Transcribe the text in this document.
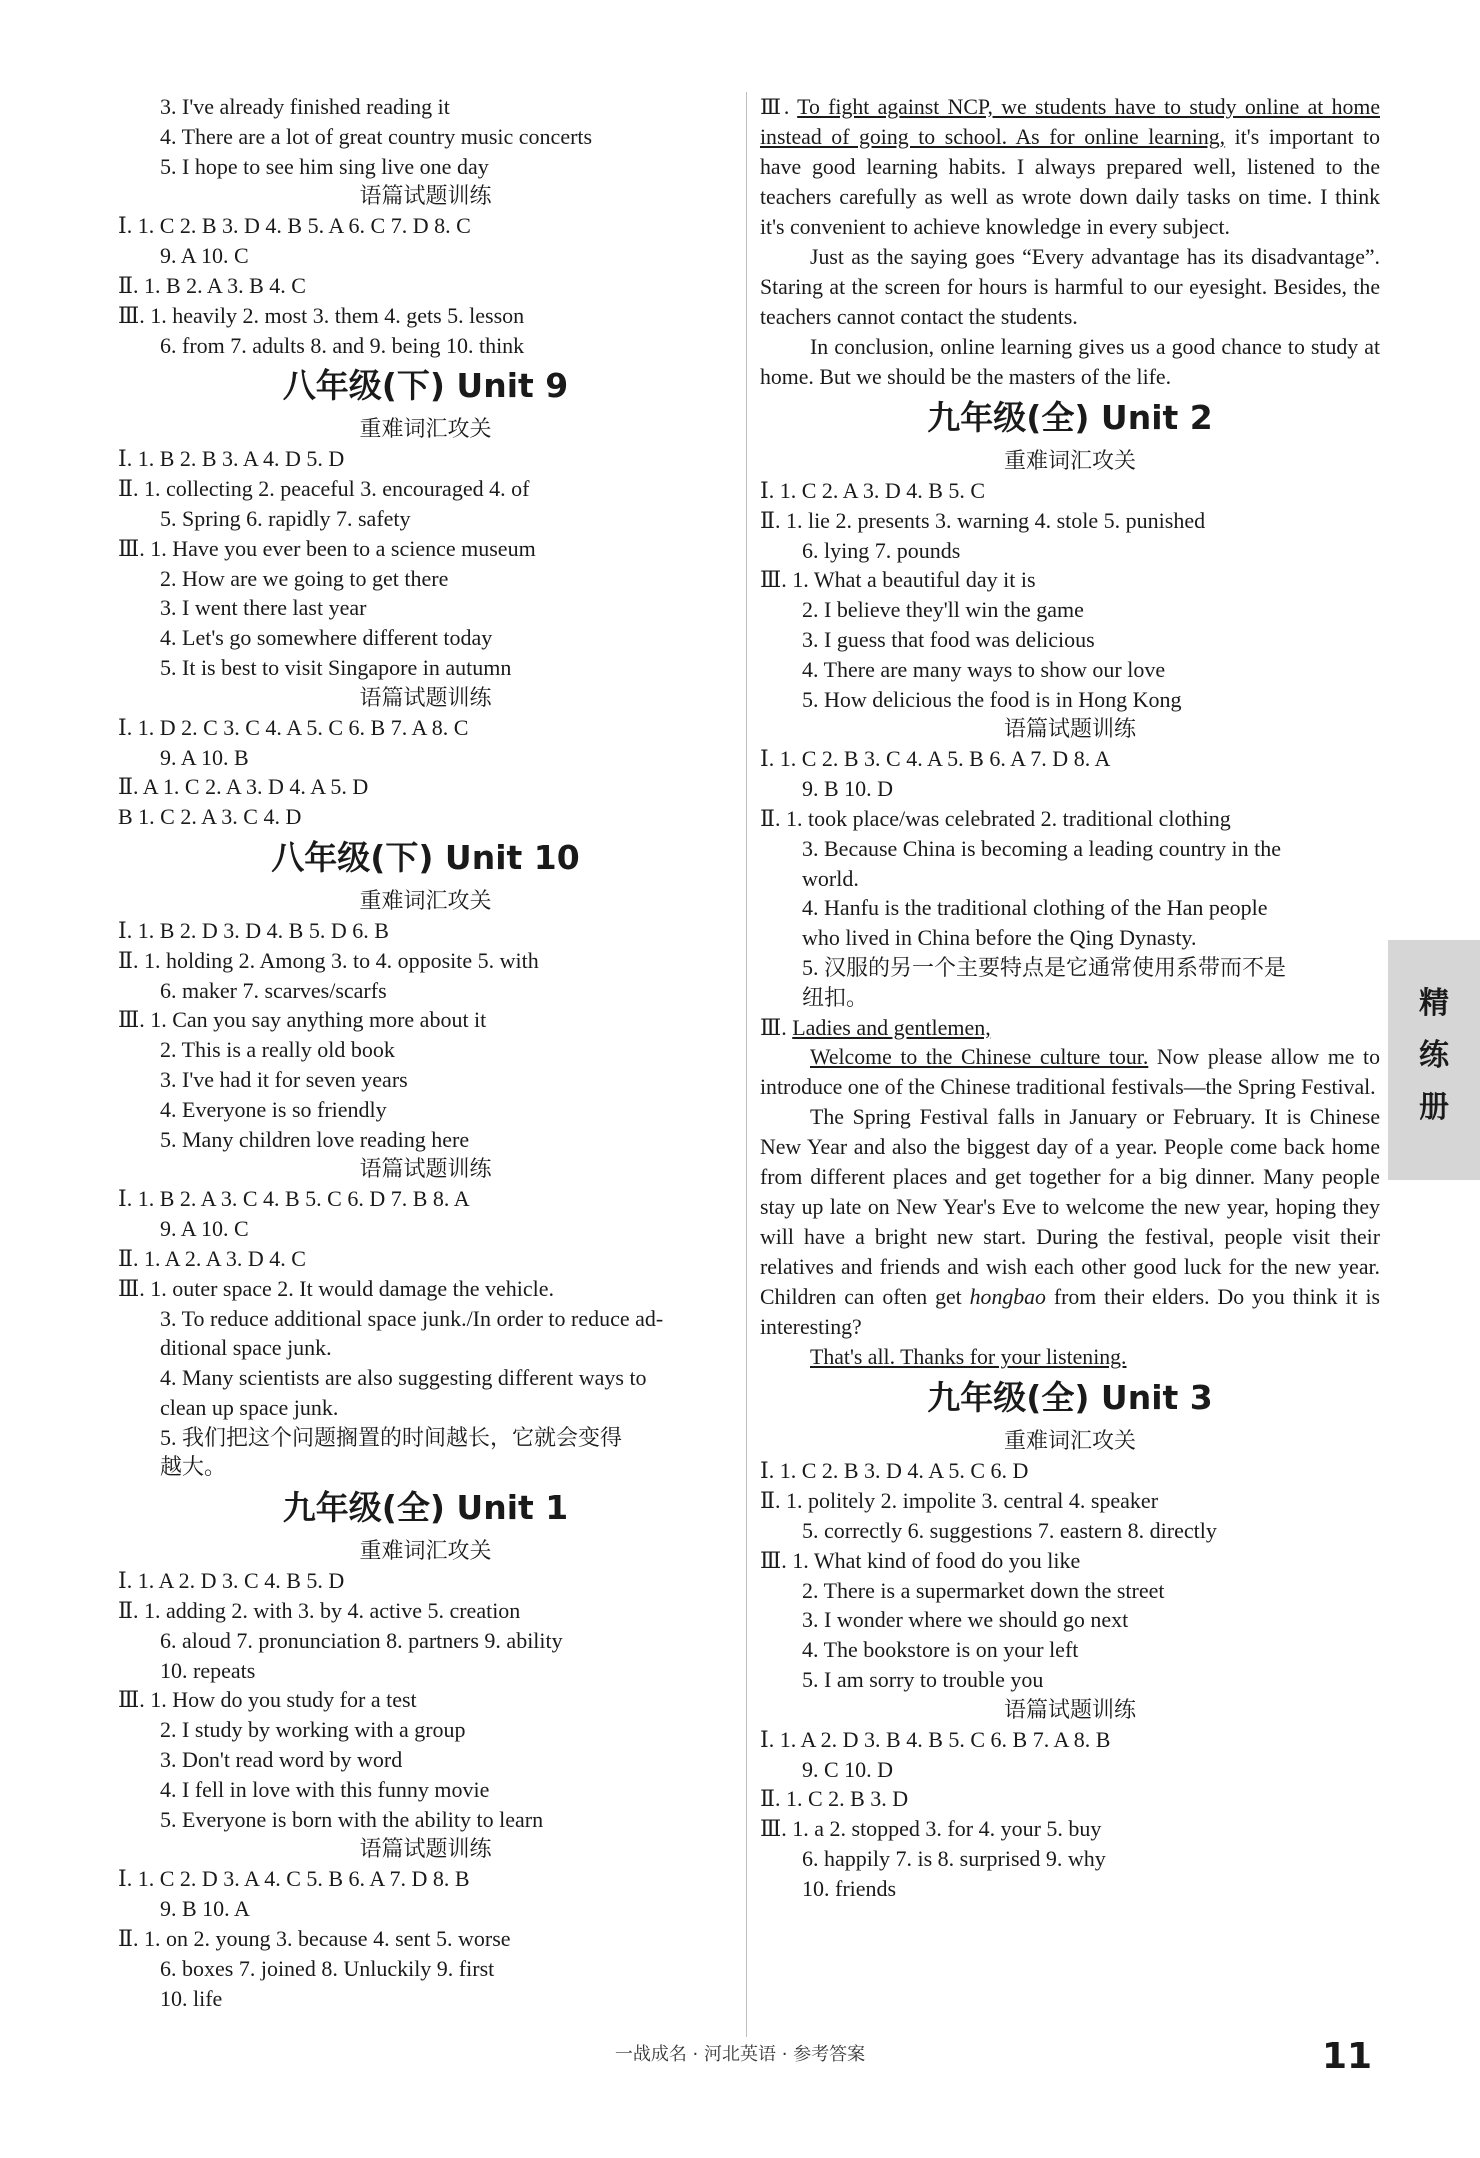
3. I've already finished reading it
4. There are a lot of great country music concerts
5. I hope to see him sing live one day
语篇试题训练
Ⅰ. 1. C 2. B 3. D 4. B 5. A 6. C 7. D 8. C
9. A 10. C
Ⅱ. 1. B 2. A 3. B 4. C
Ⅲ. 1. heavily 2. most 3. them 4. gets 5. lesson
6. from 7. adults 8. and 9. being 10. think
八年级(下) Unit 9
重难词汇攻关
Ⅰ. 1. B 2. B 3. A 4. D 5. D
Ⅱ. 1. collecting 2. peaceful 3. encouraged 4. of
5. Spring 6. rapidly 7. safety
Ⅲ. 1. Have you ever been to a science museum
2. How are we going to get there
3. I went there last year
4. Let's go somewhere different today
5. It is best to visit Singapore in autumn
语篇试题训练
Ⅰ. 1. D 2. C 3. C 4. A 5. C 6. B 7. A 8. C
9. A 10. B
Ⅱ. A 1. C 2. A 3. D 4. A 5. D
B 1. C 2. A 3. C 4. D
八年级(下) Unit 10
重难词汇攻关
Ⅰ. 1. B 2. D 3. D 4. B 5. D 6. B
Ⅱ. 1. holding 2. Among 3. to 4. opposite 5. with
6. maker 7. scarves/scarfs
Ⅲ. 1. Can you say anything more about it
2. This is a really old book
3. I've had it for seven years
4. Everyone is so friendly
5. Many children love reading here
语篇试题训练
Ⅰ. 1. B 2. A 3. C 4. B 5. C 6. D 7. B 8. A
9. A 10. C
Ⅱ. 1. A 2. A 3. D 4. C
Ⅲ. 1. outer space 2. It would damage the vehicle.
3. To reduce additional space junk./In order to reduce ad-
ditional space junk.
4. Many scientists are also suggesting different ways to
clean up space junk.
5. 我们把这个问题搁置的时间越长，它就会变得
越大。
九年级(全) Unit 1
重难词汇攻关
Ⅰ. 1. A 2. D 3. C 4. B 5. D
Ⅱ. 1. adding 2. with 3. by 4. active 5. creation
6. aloud 7. pronunciation 8. partners 9. ability
10. repeats
Ⅲ. 1. How do you study for a test
2. I study by working with a group
3. Don't read word by word
4. I fell in love with this funny movie
5. Everyone is born with the ability to learn
语篇试题训练
Ⅰ. 1. C 2. D 3. A 4. C 5. B 6. A 7. D 8. B
9. B 10. A
Ⅱ. 1. on 2. young 3. because 4. sent 5. worse
6. boxes 7. joined 8. Unluckily 9. first
10. life
Ⅲ. To fight against NCP, we students have to study online at home instead of going to school. As for online learning, it's important to have good learning habits. I always prepared well, listened to the teachers carefully as well as wrote down daily tasks on time. I think it's convenient to achieve knowledge in every subject.
Just as the saying goes “Every advantage has its disadvantage”. Staring at the screen for hours is harmful to our eyesight. Besides, the teachers cannot contact the students.
In conclusion, online learning gives us a good chance to study at home. But we should be the masters of the life.
九年级(全) Unit 2
重难词汇攻关
Ⅰ. 1. C 2. A 3. D 4. B 5. C
Ⅱ. 1. lie 2. presents 3. warning 4. stole 5. punished
6. lying 7. pounds
Ⅲ. 1. What a beautiful day it is
2. I believe they'll win the game
3. I guess that food was delicious
4. There are many ways to show our love
5. How delicious the food is in Hong Kong
语篇试题训练
Ⅰ. 1. C 2. B 3. C 4. A 5. B 6. A 7. D 8. A
9. B 10. D
Ⅱ. 1. took place/was celebrated 2. traditional clothing
3. Because China is becoming a leading country in the
world.
4. Hanfu is the traditional clothing of the Han people
who lived in China before the Qing Dynasty.
5. 汉服的另一个主要特点是它通常使用系带而不是
纽扣。
Ⅲ. Ladies and gentlemen,
Welcome to the Chinese culture tour. Now please allow me to introduce one of the Chinese traditional festivals—the Spring Festival.
The Spring Festival falls in January or February. It is Chinese New Year and also the biggest day of a year. People come back home from different places and get together for a big dinner. Many people stay up late on New Year's Eve to welcome the new year, hoping they will have a bright new start. During the festival, people visit their relatives and friends and wish each other good luck for the new year. Children can often get hongbao from their elders. Do you think it is interesting?
That's all. Thanks for your listening.
九年级(全) Unit 3
重难词汇攻关
Ⅰ. 1. C 2. B 3. D 4. A 5. C 6. D
Ⅱ. 1. politely 2. impolite 3. central 4. speaker
5. correctly 6. suggestions 7. eastern 8. directly
Ⅲ. 1. What kind of food do you like
2. There is a supermarket down the street
3. I wonder where we should go next
4. The bookstore is on your left
5. I am sorry to trouble you
语篇试题训练
Ⅰ. 1. A 2. D 3. B 4. B 5. C 6. B 7. A 8. B
9. C 10. D
Ⅱ. 1. C 2. B 3. D
Ⅲ. 1. a 2. stopped 3. for 4. your 5. buy
6. happily 7. is 8. surprised 9. why
10. friends
精
练
册
一战成名 · 河北英语 · 参考答案	11
